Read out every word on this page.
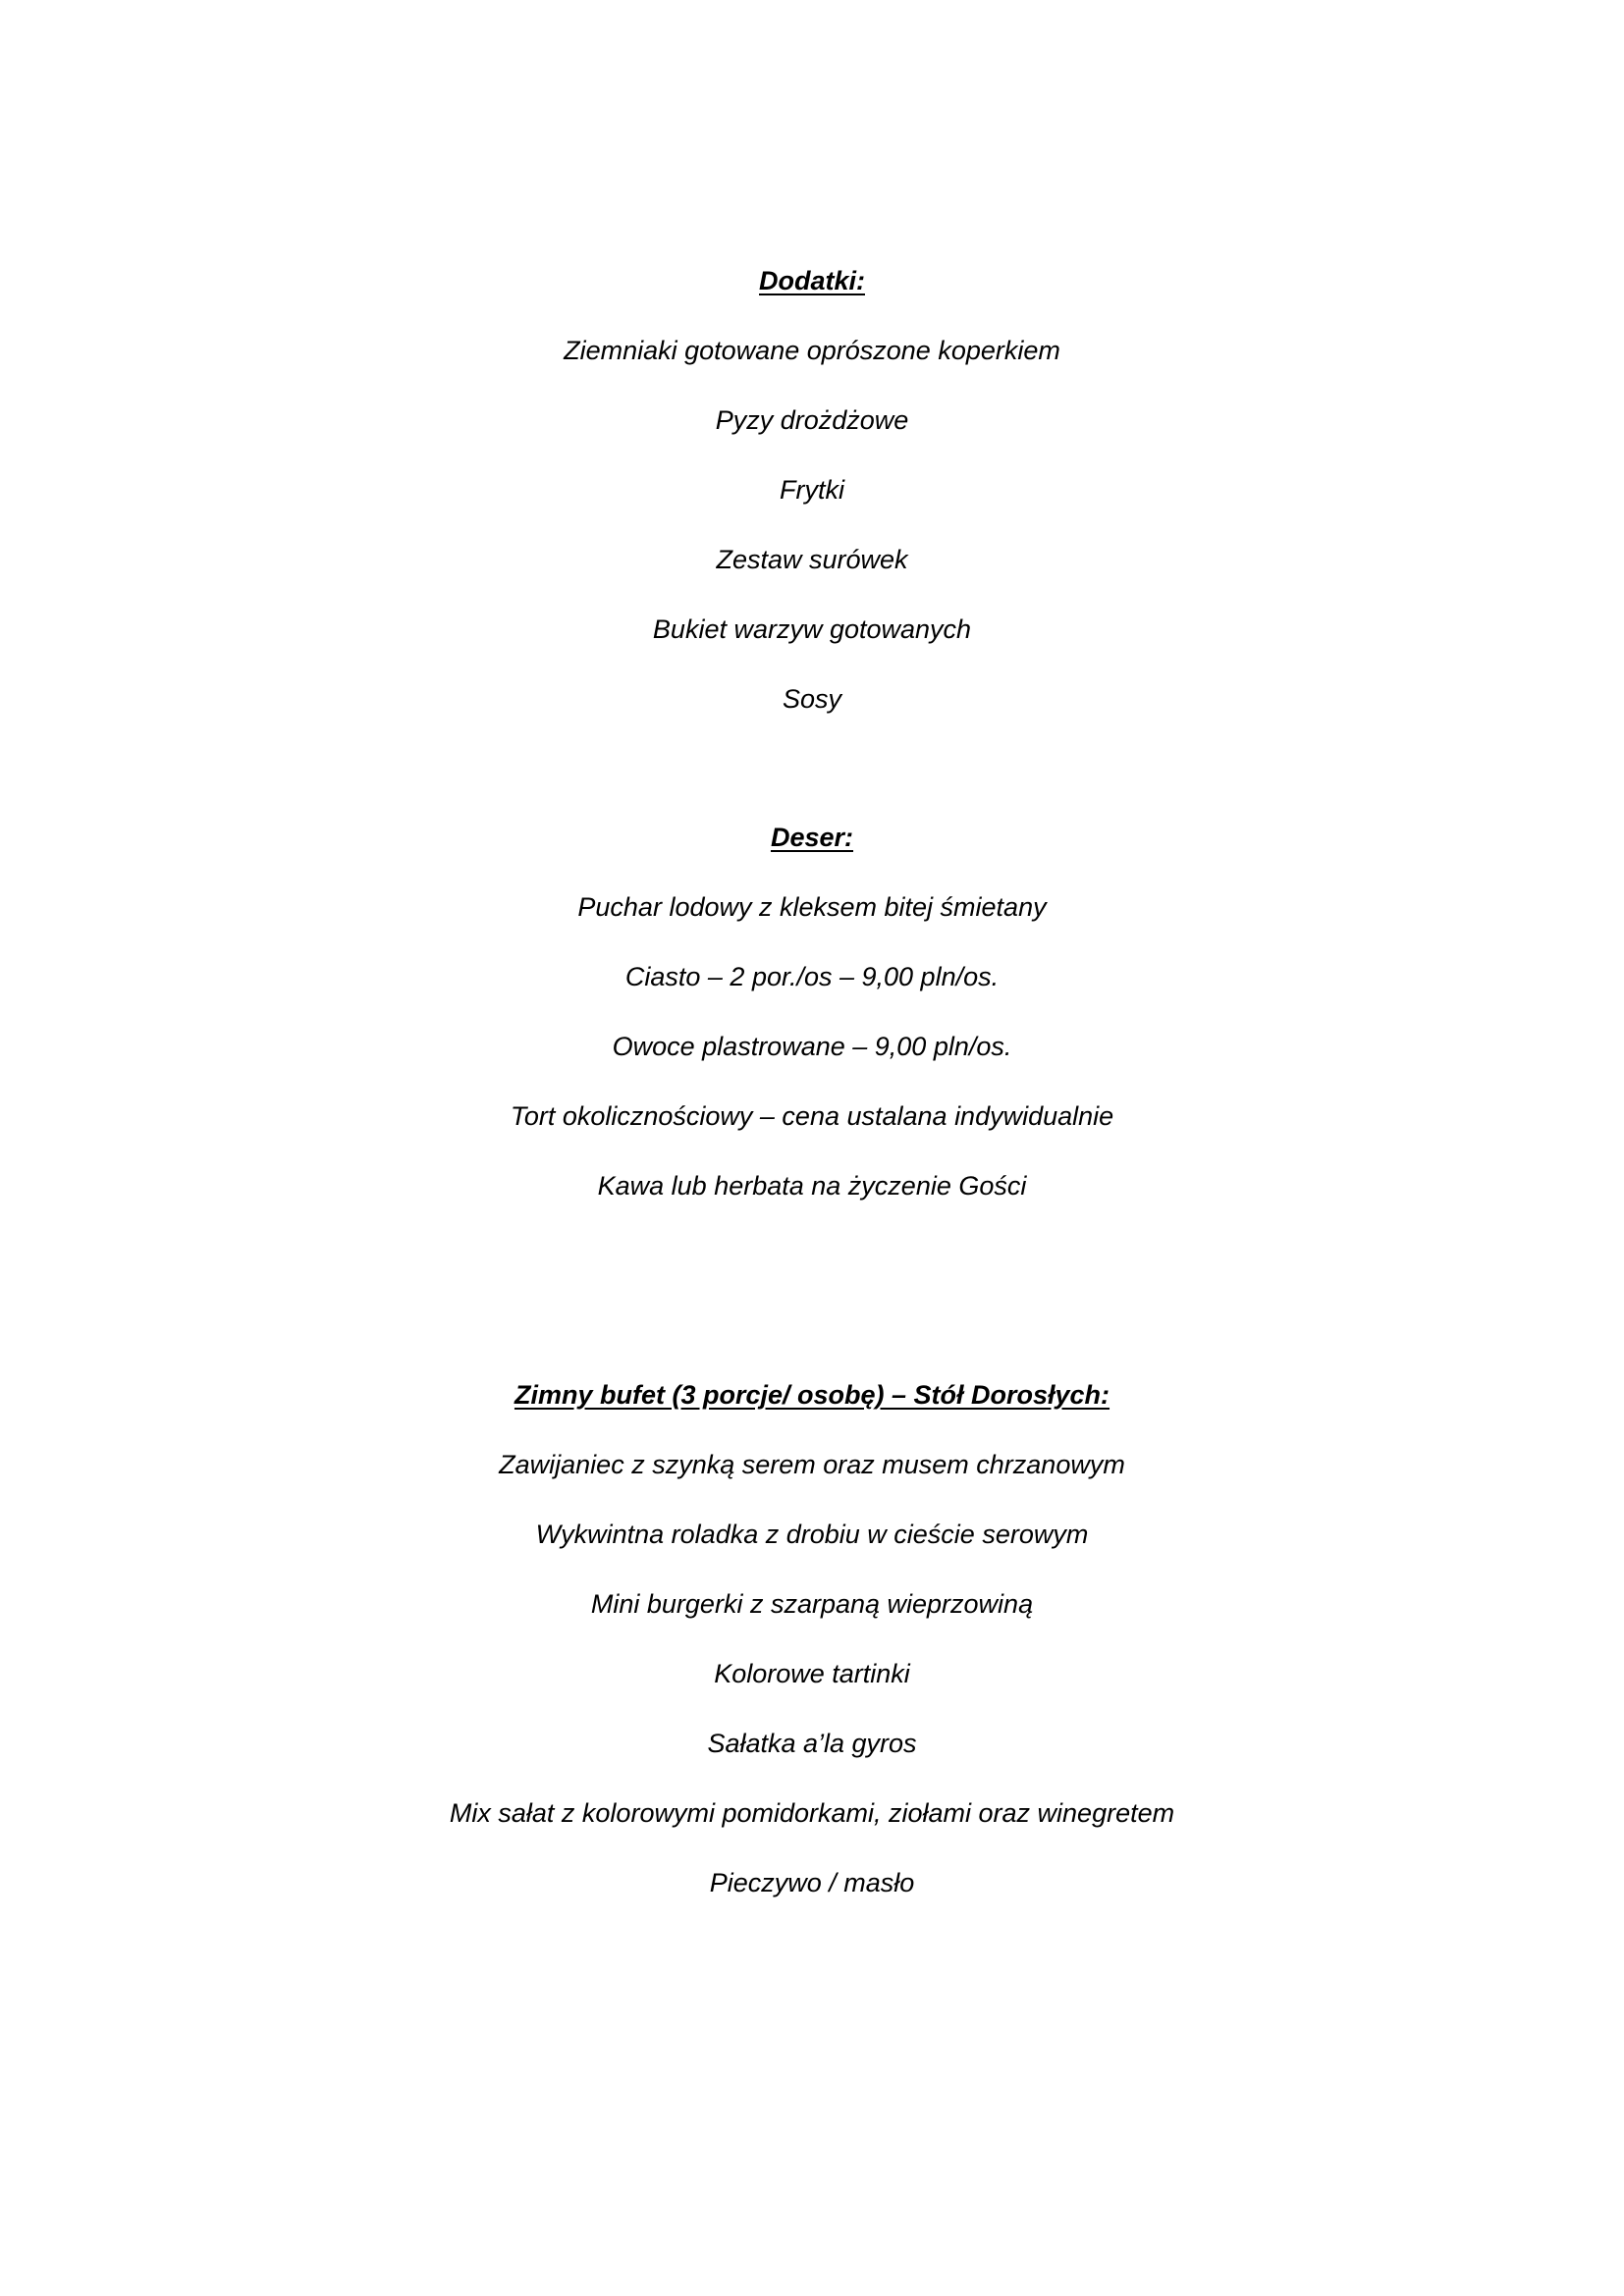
Dodatki:
Ziemniaki gotowane oprószone koperkiem
Pyzy drożdżowe
Frytki
Zestaw surówek
Bukiet warzyw gotowanych
Sosy
Deser:
Puchar lodowy z kleksem bitej śmietany
Ciasto – 2 por./os – 9,00 pln/os.
Owoce plastrowane – 9,00 pln/os.
Tort okolicznościowy – cena ustalana indywidualnie
Kawa lub herbata na życzenie Gości
Zimny bufet (3 porcje/ osobę) – Stół Dorosłych:
Zawijaniec z szynką serem oraz musem chrzanowym
Wykwintna roladka z drobiu w cieście serowym
Mini burgerki z szarpaną wieprzowiną
Kolorowe tartinki
Sałatka a’la gyros
Mix sałat z kolorowymi pomidorkami, ziołami oraz winegretem
Pieczywo / masło
